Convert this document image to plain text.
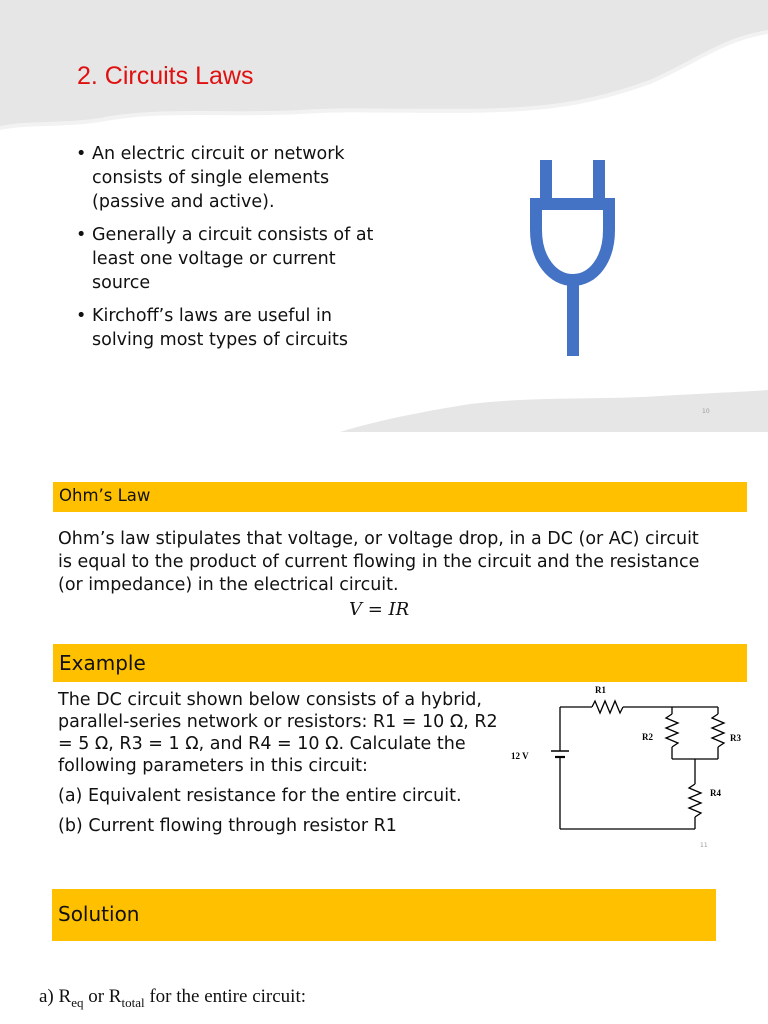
2. Circuits Laws
• An electric circuit or network consists of single elements (passive and active).
• Generally a circuit consists of at least one voltage or current source
• Kirchoff’s laws are useful in solving most types of circuits
10
Ohm’s Law

Ohm’s law stipulates that voltage, or voltage drop, in a DC (or AC) circuit is equal to the product of current flowing in the circuit and the resistance (or impedance) in the electrical circuit.

V = IR
Example

The DC circuit shown below consists of a hybrid, parallel-series network or resistors: R1 = 10 Ω, R2 = 5 Ω, R3 = 1 Ω, and R4 = 10 Ω. Calculate the following parameters in this circuit:

(a) Equivalent resistance for the entire circuit.

(b) Current flowing through resistor R1

R1
R2	R3
R4
12 V
11
Solution
a) $R_{eq}$ or $R_{total}$ for the entire circuit:
